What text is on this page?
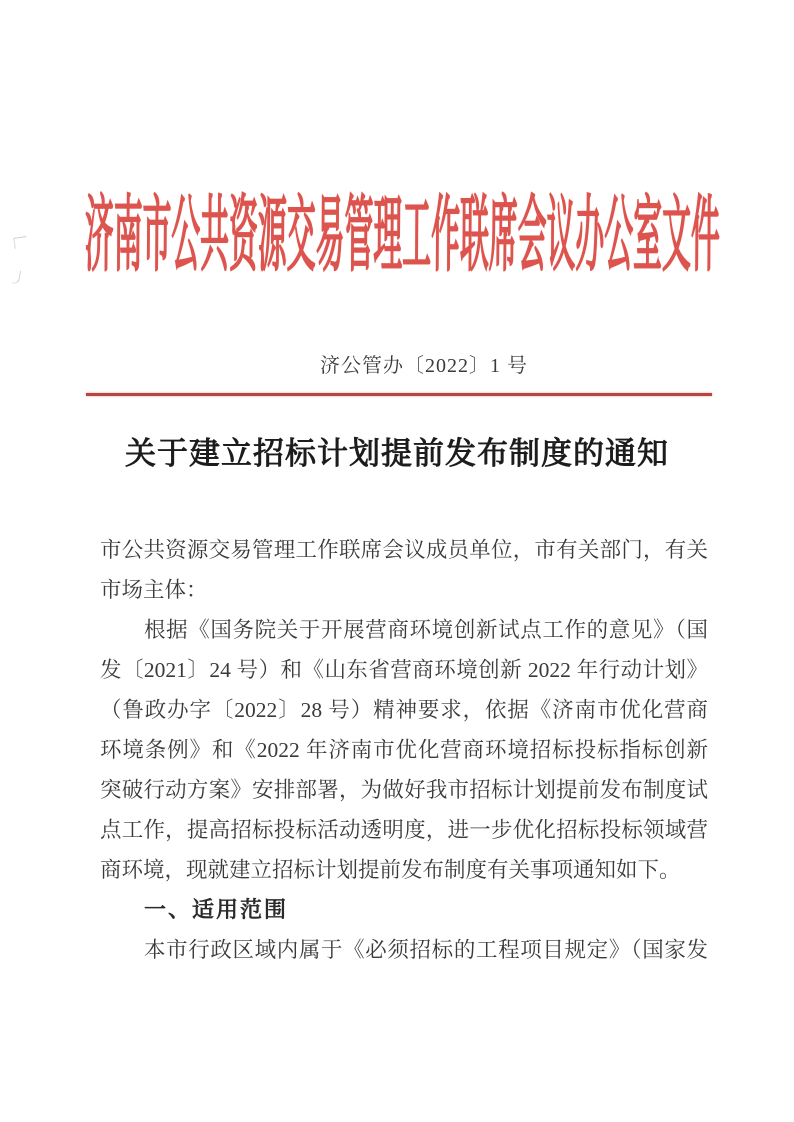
济南市公共资源交易管理工作联席会议办公室文件
济公管办〔2022〕1 号
关于建立招标计划提前发布制度的通知
市公共资源交易管理工作联席会议成员单位，市有关部门，有关
市场主体：
根据《国务院关于开展营商环境创新试点工作的意见》（国
发〔2021〕24 号）和《山东省营商环境创新 2022 年行动计划》
（鲁政办字〔2022〕28 号）精神要求，依据《济南市优化营商
环境条例》和《2022 年济南市优化营商环境招标投标指标创新
突破行动方案》安排部署，为做好我市招标计划提前发布制度试
点工作，提高招标投标活动透明度，进一步优化招标投标领域营
商环境，现就建立招标计划提前发布制度有关事项通知如下。
一、适用范围
本市行政区域内属于《必须招标的工程项目规定》（国家发
